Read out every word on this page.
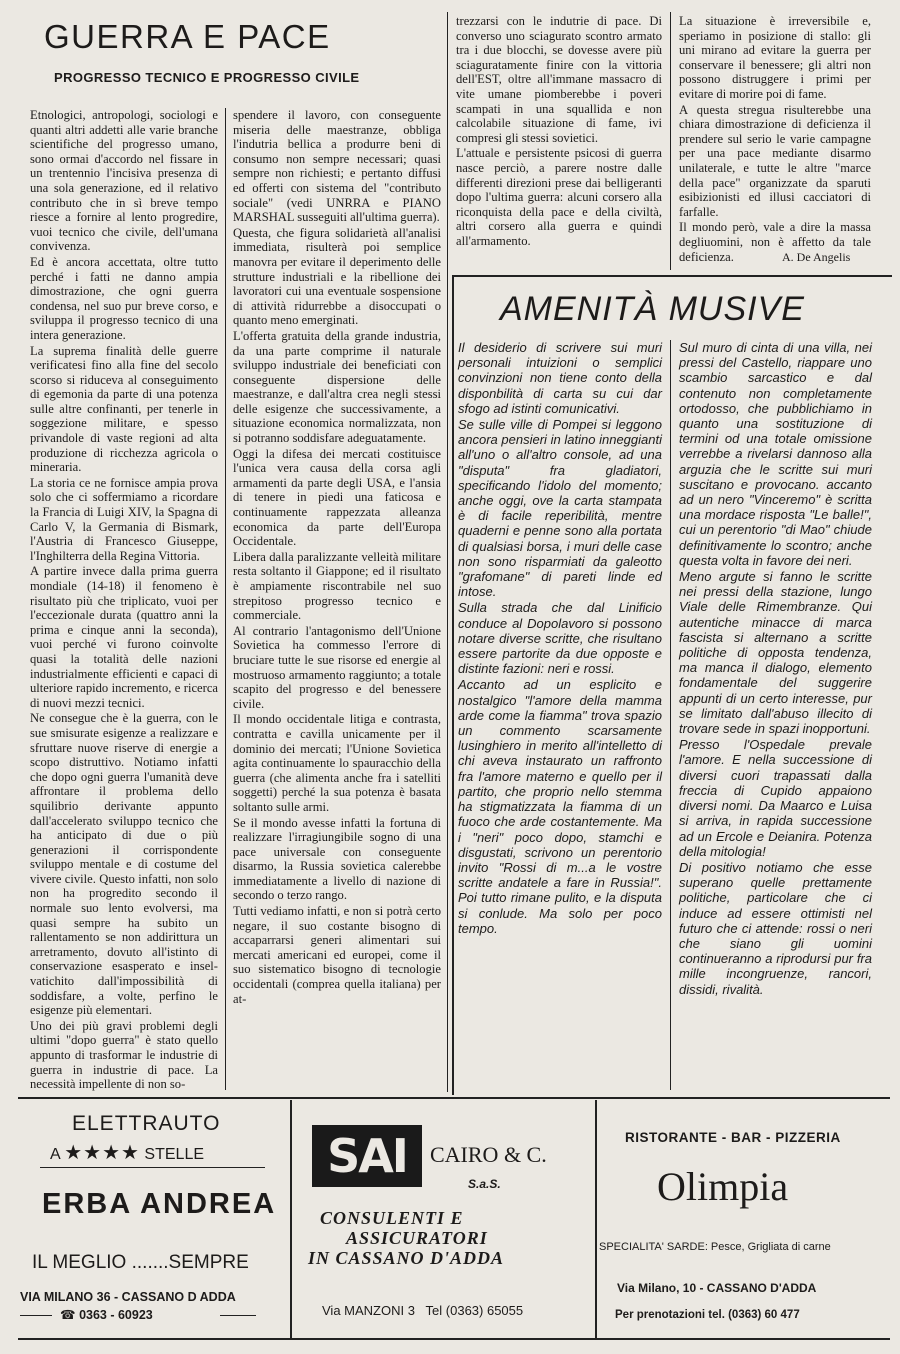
GUERRA E PACE
PROGRESSO TECNICO E PROGRESSO CIVILE

Etnologici, antropologi, sociologi e quanti altri addetti alle varie branche scientifiche del progresso umano, sono ormai d'accordo nel fissare in un trentennio l'incisiva presenza di una sola generazione, ed il relativo contributo che in sì breve tempo riesce a fornire al lento progredire, vuoi tecnico che civile, dell'umana convivenza.

Ed è ancora accettata, oltre tutto perché i fatti ne danno ampia dimostrazione, che ogni guerra condensa, nel suo pur breve corso, e sviluppa il progresso tecnico di una intera generazione.

La suprema finalità delle guerre verificatesi fino alla fine del secolo scorso si riduceva al conseguimento di egemonia da parte di una potenza sulle altre confinanti, per tenerle in soggezione militare, e spesso privandole di vaste regioni ad alta produzione di ricchezza agricola o mineraria.

La storia ce ne fornisce ampia prova solo che ci soffermiamo a ricordare la Francia di Luigi XIV, la Spagna di Carlo V, la Germania di Bismark, l'Austria di Francesco Giuseppe, l'Inghilterra della Regina Vittoria.

A partire invece dalla prima guerra mondiale (14-18) il fenomeno è risultato più che triplicato, vuoi per l'eccezionale durata (quattro anni la prima e cinque anni la seconda), vuoi perché vi furono coinvolte quasi la totalità delle nazioni industrialmente efficienti e capaci di ulteriore rapido incremento, e ricerca di nuovi mezzi tecnici.

Ne consegue che è la guerra, con le sue smisurate esigenze a realizzare e sfruttare nuove riserve di energie a scopo distruttivo. Notiamo infatti che dopo ogni guerra l'umanità deve affrontare il problema dello squilibrio derivante appunto dall'accelerato sviluppo tecnico che ha anticipato di due o più generazioni il corrispondente sviluppo mentale e di costume del vivere civile. Questo infatti, non solo non ha progredito secondo il normale suo lento evolversi, ma quasi sempre ha subito un rallentamento se non addirittura un arretramento, dovuto all'istinto di conservazione esasperato e insel-vatichito dall'impossibilità di soddisfare, a volte, perfino le esigenze più elementari.

Uno dei più gravi problemi degli ultimi "dopo guerra" è stato quello appunto di trasformar le industrie di guerra in industrie di pace. La necessità impellente di non so-

spendere il lavoro, con conseguente miseria delle maestranze, obbliga l'indutria bellica a produrre beni di consumo non sempre necessari; quasi sempre non richiesti; e pertanto diffusi ed offerti con sistema del "contributo sociale" (vedi UNRRA e PIANO MARSHAL susseguiti all'ultima guerra).

Questa, che figura solidarietà all'analisi immediata, risulterà poi semplice manovra per evitare il deperimento delle strutture industriali e la ribellione dei lavoratori cui una eventuale sospensione di attività ridurrebbe a disoccupati o quanto meno emerginati.

L'offerta gratuita della grande industria, da una parte comprime il naturale sviluppo industriale dei beneficiati con conseguente dispersione delle maestranze, e dall'altra crea negli stessi delle esigenze che successivamente, a situazione economica normalizzata, non si potranno soddisfare adeguatamente.

Oggi la difesa dei mercati costituisce l'unica vera causa della corsa agli armamenti da parte degli USA, e l'ansia di tenere in piedi una faticosa e continuamente rappezzata alleanza economica da parte dell'Europa Occidentale.

Libera dalla paralizzante velleità militare resta soltanto il Giappone; ed il risultato è ampiamente riscontrabile nel suo strepitoso progresso tecnico e commerciale.

Al contrario l'antagonismo dell'Unione Sovietica ha commesso l'errore di bruciare tutte le sue risorse ed energie al mostruoso armamento raggiunto; a totale scapito del progresso e del benessere civile.

Il mondo occidentale litiga e contrasta, contratta e cavilla unicamente per il dominio dei mercati; l'Unione Sovietica agita continuamente lo spauracchio della guerra (che alimenta anche fra i satelliti soggetti) perché la sua potenza è basata soltanto sulle armi.

Se il mondo avesse infatti la fortuna di realizzare l'irragiungibile sogno di una pace universale con conseguente disarmo, la Russia sovietica calerebbe immediatamente a livello di nazione di secondo o terzo rango.

Tutti vediamo infatti, e non si potrà certo negare, il suo costante bisogno di accaparrarsi generi alimentari sui mercati americani ed europei, come il suo sistematico bisogno di tecnologie occidentali (comprea quella italiana) per at-

trezzarsi con le indutrie di pace. Di converso uno sciagurato scontro armato tra i due blocchi, se dovesse avere più sciaguratamente finire con la vittoria dell'EST, oltre all'immane massacro di vite umane piomberebbe i poveri scampati in una squallida e non calcolabile situazione di fame, ivi compresi gli stessi sovietici.

L'attuale e persistente psicosi di guerra nasce perciò, a parere nostre dalle differenti direzioni prese dai belligeranti dopo l'ultima guerra: alcuni corsero alla riconquista della pace e della civiltà, altri corsero alla guerra e quindi all'armamento.

La situazione è irreversibile e, speriamo in posizione di stallo: gli uni mirano ad evitare la guerra per conservare il benessere; gli altri non possono distruggere i primi per evitare di morire poi di fame.

A questa stregua risulterebbe una chiara dimostrazione di deficienza il prendere sul serio le varie campagne per una pace mediante disarmo unilaterale, e tutte le altre "marce della pace" organizzate da sparuti esibizionisti ed illusi cacciatori di farfalle.

Il mondo però, vale a dire la massa degliuomini, non è affetto da tale deficienza.	A. De Angelis
AMENITÀ MUSIVE

Il desiderio di scrivere sui muri personali intuizioni o semplici convinzioni non tiene conto della disponbilità di carta su cui dar sfogo ad istinti comunicativi.

Se sulle ville di Pompei si leggono ancora pensieri in latino inneggianti all'uno o all'altro console, ad una "disputa" fra gladiatori, specificando l'idolo del momento; anche oggi, ove la carta stampata è di facile reperibilità, mentre quaderni e penne sono alla portata di qualsiasi borsa, i muri delle case non sono risparmiati da galeotto "grafomane" di pareti linde ed intose.

Sulla strada che dal Linificio conduce al Dopolavoro si possono notare diverse scritte, che risultano essere partorite da due opposte e distinte fazioni: neri e rossi.

Accanto ad un esplicito e nostalgico "l'amore della mamma arde come la fiamma" trova spazio un commento scarsamente lusinghiero in merito all'intelletto di chi aveva instaurato un raffronto fra l'amore materno e quello per il partito, che proprio nello stemma ha stigmatizzata la fiamma di un fuoco che arde costantemente. Ma i "neri" poco dopo, stamchi e disgustati, scrivono un perentorio invito "Rossi di m...a le vostre scritte andatele a fare in Russia!". Poi tutto rimane pulito, e la disputa si conlude. Ma solo per poco tempo.

Sul muro di cinta di una villa, nei pressi del Castello, riappare uno scambio sarcastico e dal contenuto non completamente ortodosso, che pubblichiamo in quanto una sostituzione di termini od una totale omissione verrebbe a rivelarsi dannoso alla arguzia che le scritte sui muri suscitano e provocano. accanto ad un nero "Vinceremo" è scritta una mordace risposta "Le balle!", cui un perentorio "di Mao" chiude definitivamente lo scontro; anche questa volta in favore dei neri.

Meno argute si fanno le scritte nei pressi della stazione, lungo Viale delle Rimembranze. Qui autentiche minacce di marca fascista si alternano a scritte politiche di opposta tendenza, ma manca il dialogo, elemento fondamentale del suggerire appunti di un certo interesse, pur se limitato dall'abuso illecito di trovare sede in spazi inopportuni.

Presso l'Ospedale prevale l'amore. E nella successione di diversi cuori trapassati dalla freccia di Cupido appaiono diversi nomi. Da Maarco e Luisa si arriva, in rapida successione ad un Ercole e Deianira. Potenza della mitologia!

Di positivo notiamo che esse superano quelle prettamente politiche, particolare che ci induce ad essere ottimisti nel futuro che ci attende: rossi o neri che siano gli uomini continueranno a riprodursi pur fra mille incongruenze, rancori, dissidi, rivalità.

ELETTRAUTO
A ★★★★ STELLE
ERBA ANDREA
IL MEGLIO .......SEMPRE
VIA MILANO 36 - CASSANO D ADDA
☎ 0363 - 60923
SAI	CAIRO & C.
S.a.S.
CONSULENTI E
ASSICURATORI
IN CASSANO D'ADDA
Via MANZONI 3   Tel (0363) 65055
RISTORANTE - BAR - PIZZERIA
Olimpia
SPECIALITA' SARDE: Pesce, Grigliata di carne
Via Milano, 10 - CASSANO D'ADDA
Per prenotazioni tel. (0363) 60 477
